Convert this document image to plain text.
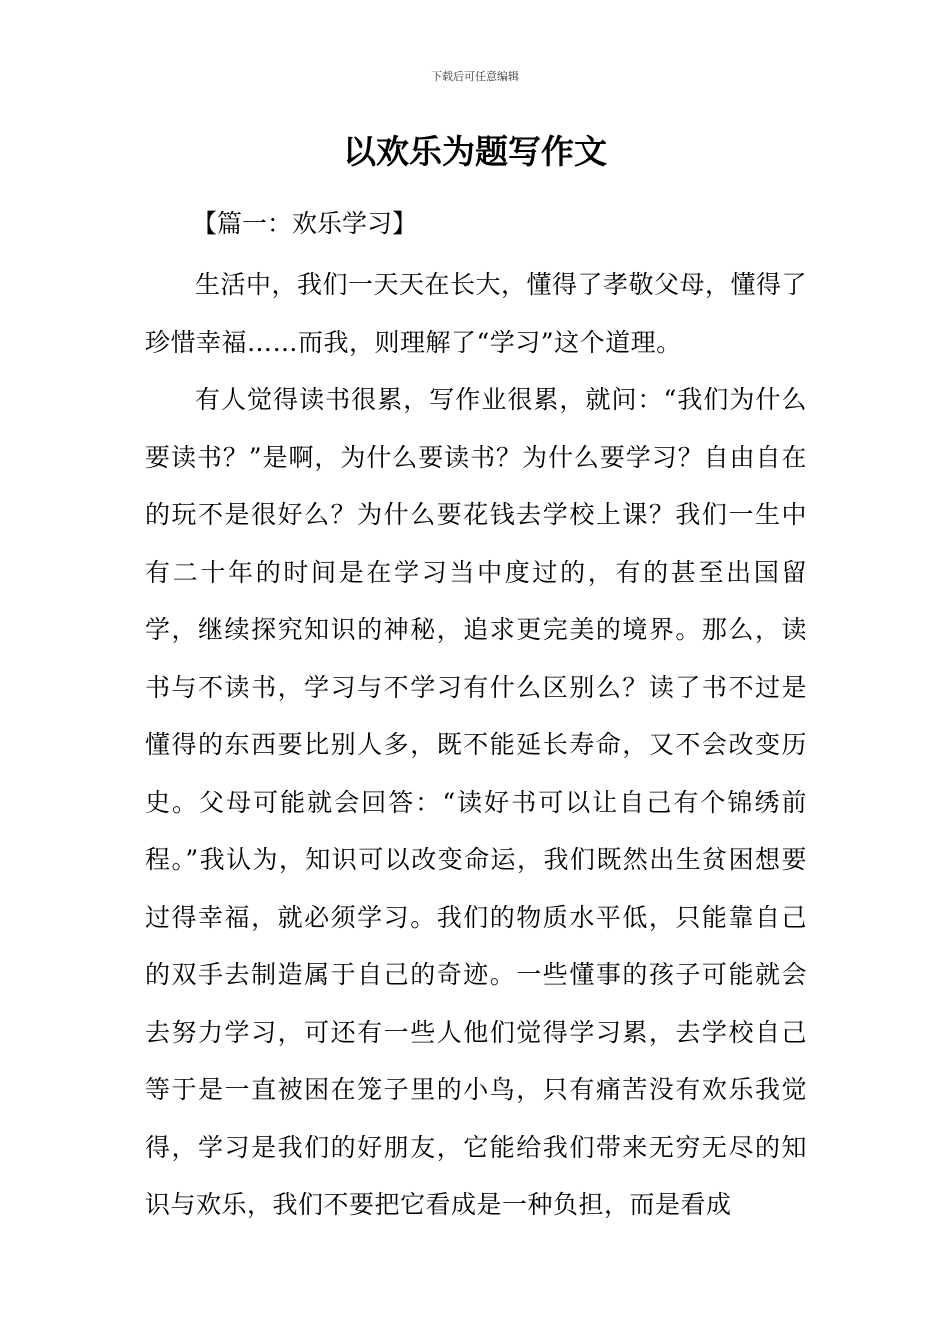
下载后可任意编辑
以欢乐为题写作文
【篇一：欢乐学习】

生活中，我们一天天在长大，懂得了孝敬父母，懂得了珍惜幸福……而我，则理解了“学习”这个道理。

有人觉得读书很累，写作业很累，就问：“我们为什么要读书？”是啊，为什么要读书？为什么要学习？自由自在的玩不是很好么？为什么要花钱去学校上课？我们一生中有二十年的时间是在学习当中度过的，有的甚至出国留学，继续探究知识的神秘，追求更完美的境界。那么，读书与不读书，学习与不学习有什么区别么？读了书不过是懂得的东西要比别人多，既不能延长寿命，又不会改变历史。父母可能就会回答：“读好书可以让自己有个锦绣前程。”我认为，知识可以改变命运，我们既然出生贫困想要过得幸福，就必须学习。我们的物质水平低，只能靠自己的双手去制造属于自己的奇迹。一些懂事的孩子可能就会去努力学习，可还有一些人他们觉得学习累，去学校自己等于是一直被困在笼子里的小鸟，只有痛苦没有欢乐我觉得，学习是我们的好朋友，它能给我们带来无穷无尽的知识与欢乐，我们不要把它看成是一种负担，而是看成
